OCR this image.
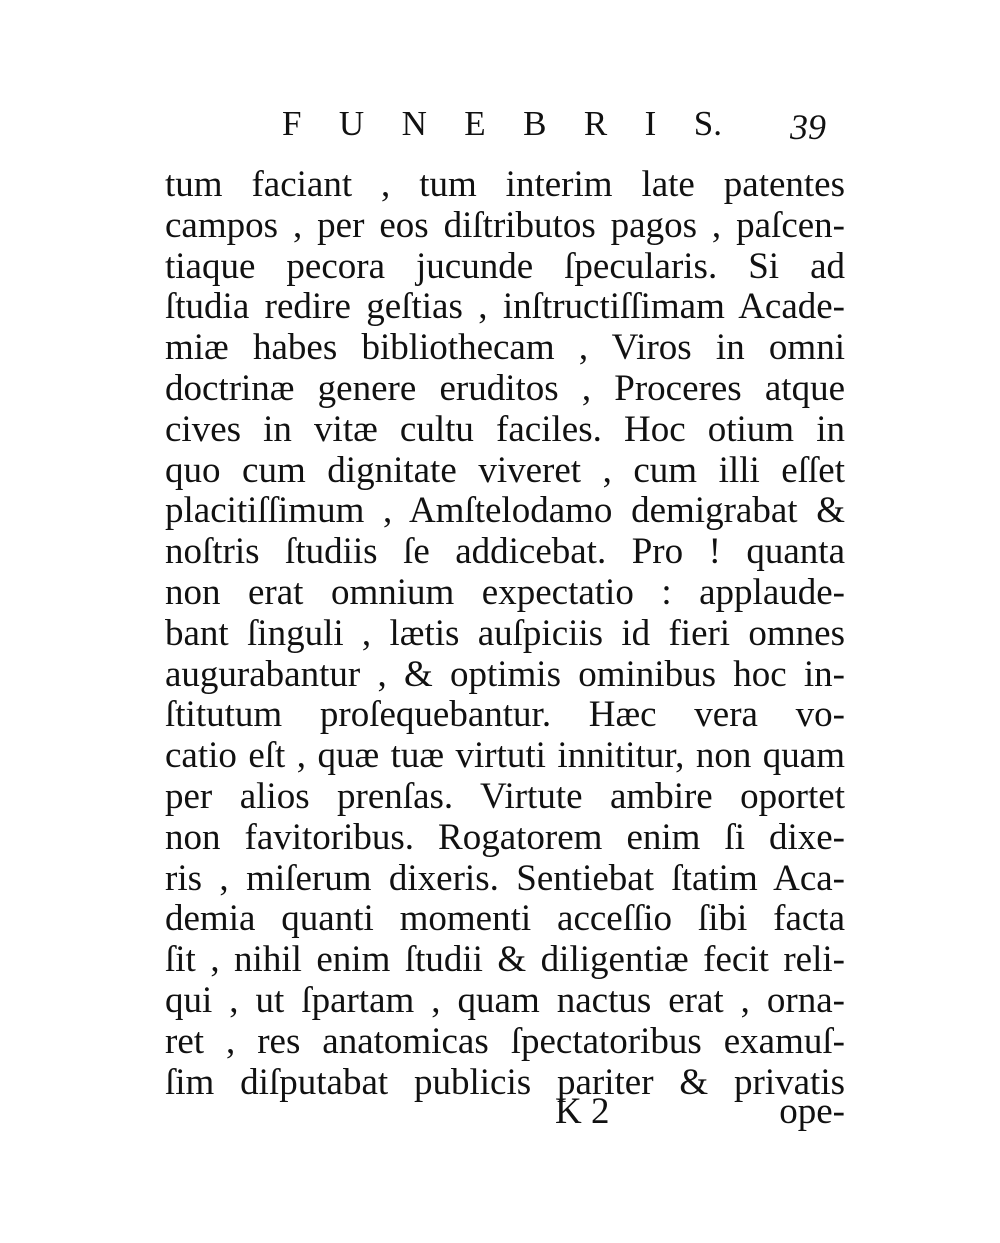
F U N E B R I S. 39
tum faciant , tum interim late patentes
campos , per eos diſtributos pagos , paſcen-
tiaque pecora jucunde ſpecularis. Si ad
ſtudia redire geſtias , inſtructiſſimam Acade-
miæ habes bibliothecam , Viros in omni
doctrinæ genere eruditos , Proceres atque
cives in vitæ cultu faciles. Hoc otium in
quo cum dignitate viveret , cum illi eſſet
placitiſſimum , Amſtelodamo demigrabat &
noſtris ſtudiis ſe addicebat. Pro ! quanta
non erat omnium expectatio : applaude-
bant ſinguli , lætis auſpiciis id fieri omnes
augurabantur , & optimis ominibus hoc in-
ſtitutum proſequebantur. Hæc vera vo-
catio eſt , quæ tuæ virtuti innititur, non quam
per alios prenſas. Virtute ambire oportet
non favitoribus. Rogatorem enim ſi dixe-
ris , miſerum dixeris. Sentiebat ſtatim Aca-
demia quanti momenti acceſſio ſibi facta
ſit , nihil enim ſtudii & diligentiæ fecit reli-
qui , ut ſpartam , quam nactus erat , orna-
ret , res anatomicas ſpectatoribus examuſ-
ſim diſputabat publicis pariter & privatis
K 2	ope-
